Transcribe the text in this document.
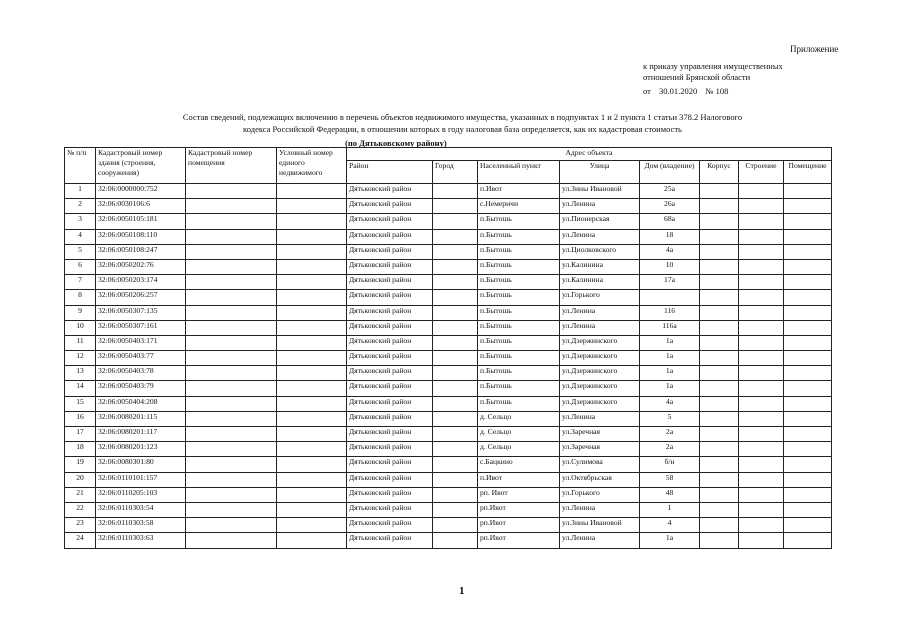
Приложение
к приказу управления имущественных
отношений Брянской области
от 30.01.2020 № 108
Состав сведений, подлежащих включению в перечень объектов недвижимого имущества, указанных в подпунктах 1 и 2 пункта 1 статьи 378.2 Налогового
кодекса Российской Федерации, в отношении которых в году налоговая база определяется, как их кадастровая стоимость
(по Дятьковскому району)
№ п/п	Кадастровый номер здания (строения, сооружения)	Кадастровый номер помещения	Условный номер единого недвижимого	Адрес объекта							
				Район	Город	Населенный пункт	Улица	Дом (владение)	Корпус	Строение	Помещение
1	32:06:0000000:752			Дятьковский район		п.Ивот	ул.Зины Ивановой	25а			
2	32:06:0030106:6			Дятьковский район		с.Немеричи	ул.Ленина	26а			
3	32:06:0050105:181			Дятьковский район		п.Бытошь	ул.Пионерская	68а			
4	32:06:0050108:110			Дятьковский район		п.Бытошь	ул.Ленина	18			
5	32:06:0050108:247			Дятьковский район		п.Бытошь	ул.Циолковского	4а			
6	32:06:0050202:76			Дятьковский район		п.Бытошь	ул.Калинина	10			
7	32:06:0050203:174			Дятьковский район		п.Бытошь	ул.Калинина	17а			
8	32:06:0050206:257			Дятьковский район		п.Бытошь	ул.Горького				
9	32:06:0050307:135			Дятьковский район		п.Бытошь	ул.Ленина	116			
10	32:06:0050307:161			Дятьковский район		п.Бытошь	ул.Ленина	116а			
11	32:06:0050403:171			Дятьковский район		п.Бытошь	ул.Дзержинского	1а			
12	32:06:0050403:77			Дятьковский район		п.Бытошь	ул.Дзержинского	1а			
13	32:06:0050403:78			Дятьковский район		п.Бытошь	ул.Дзержинского	1а			
14	32:06:0050403:79			Дятьковский район		п.Бытошь	ул.Дзержинского	1а			
15	32:06:0050404:208			Дятьковский район		п.Бытошь	ул.Дзержинского	4а			
16	32:06:0080201:115			Дятьковский район		д. Сельцо	ул.Ленина	5			
17	32:06:0080201:117			Дятьковский район		д. Сельцо	ул.Заречная	2а			
18	32:06:0080201:123			Дятьковский район		д. Сельцо	ул.Заречная	2а			
19	32:06:0080301:80			Дятьковский район		с.Бацкино	ул.Сулимова	б/н			
20	32:06:0110101:157			Дятьковский район		п.Ивот	ул.Октябрьская	58			
21	32:06:0110205:103			Дятьковский район		рп. Ивот	ул.Горького	48			
22	32:06:0110303:54			Дятьковский район		рп.Ивот	ул.Ленина	1			
23	32:06:0110303:58			Дятьковский район		рп.Ивот	ул.Зины Ивановой	4			
24	32:06:0110303:63			Дятьковский район		рп.Ивот	ул.Ленина	1а			
1
